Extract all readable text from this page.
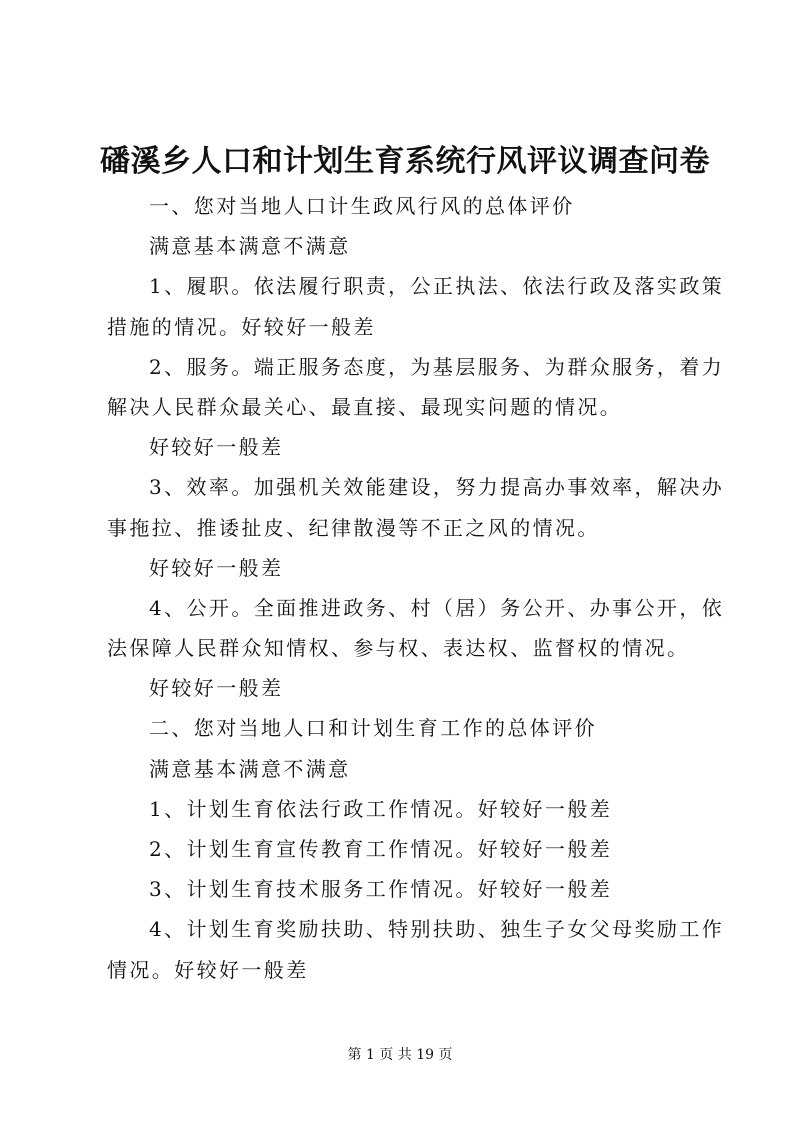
磻溪乡人口和计划生育系统行风评议调查问卷
一、您对当地人口计生政风行风的总体评价
满意基本满意不满意
1、履职。依法履行职责，公正执法、依法行政及落实政策
措施的情况。好较好一般差
2、服务。端正服务态度，为基层服务、为群众服务，着力
解决人民群众最关心、最直接、最现实问题的情况。
好较好一般差
3、效率。加强机关效能建设，努力提高办事效率，解决办
事拖拉、推诿扯皮、纪律散漫等不正之风的情况。
好较好一般差
4、公开。全面推进政务、村（居）务公开、办事公开，依
法保障人民群众知情权、参与权、表达权、监督权的情况。
好较好一般差
二、您对当地人口和计划生育工作的总体评价
满意基本满意不满意
1、计划生育依法行政工作情况。好较好一般差
2、计划生育宣传教育工作情况。好较好一般差
3、计划生育技术服务工作情况。好较好一般差
4、计划生育奖励扶助、特别扶助、独生子女父母奖励工作
情况。好较好一般差
第 1 页 共 19 页
